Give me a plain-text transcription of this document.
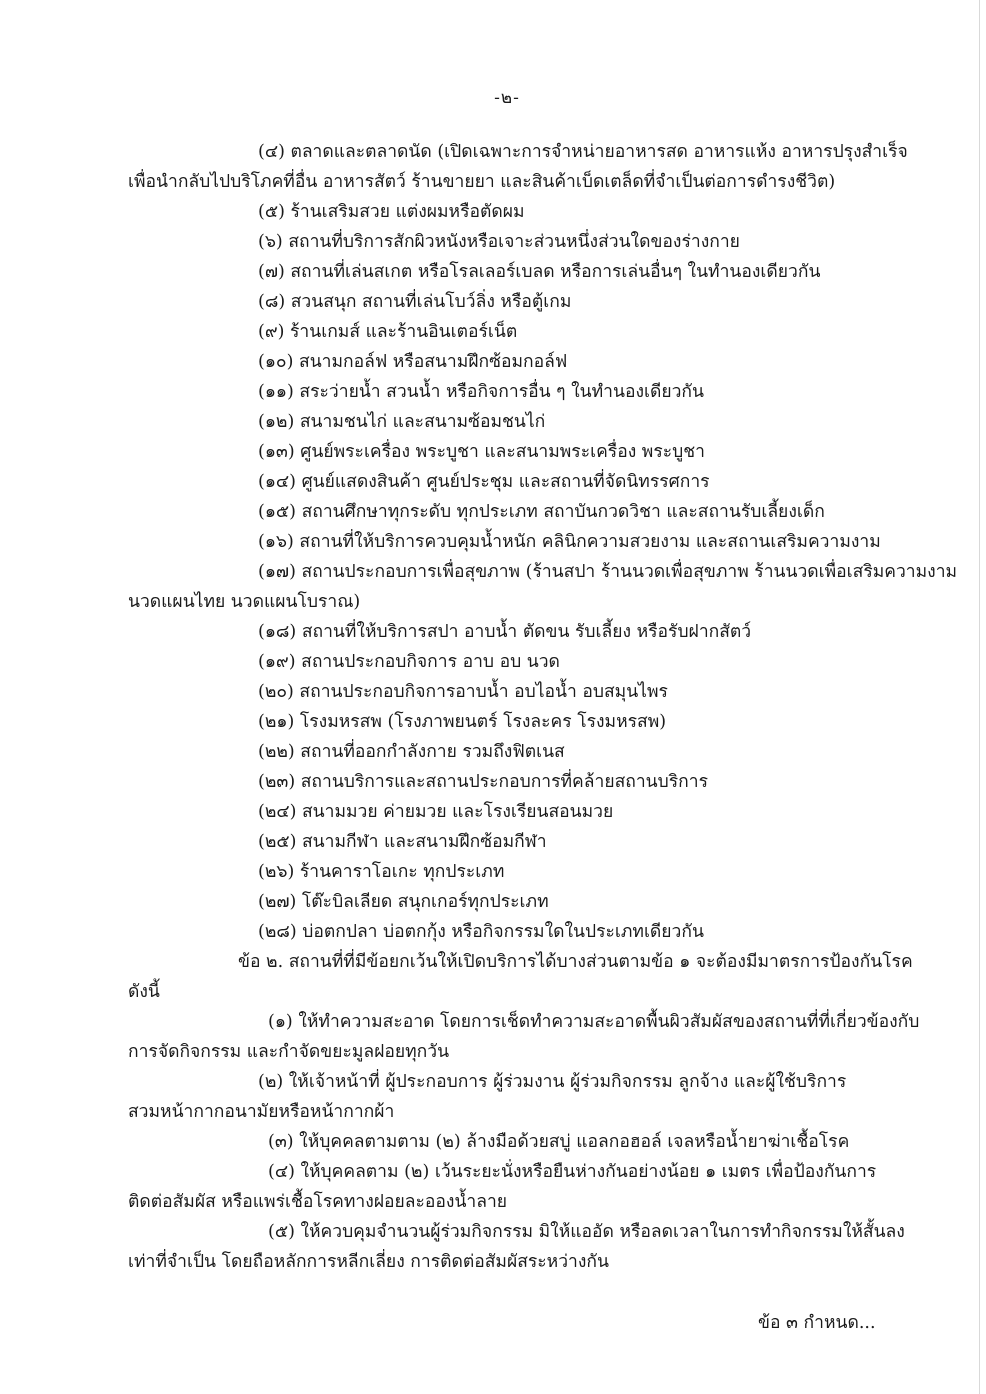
-๒-
(๔) ตลาดและตลาดนัด (เปิดเฉพาะการจำหน่ายอาหารสด อาหารแห้ง อาหารปรุงสำเร็จ
เพื่อนำกลับไปบริโภคที่อื่น อาหารสัตว์ ร้านขายยา และสินค้าเบ็ดเตล็ดที่จำเป็นต่อการดำรงชีวิต)
(๕) ร้านเสริมสวย แต่งผมหรือตัดผม
(๖) สถานที่บริการสักผิวหนังหรือเจาะส่วนหนึ่งส่วนใดของร่างกาย
(๗) สถานที่เล่นสเกต หรือโรลเลอร์เบลด หรือการเล่นอื่นๆ ในทำนองเดียวกัน
(๘) สวนสนุก สถานที่เล่นโบว์ลิ่ง หรือตู้เกม
(๙) ร้านเกมส์ และร้านอินเตอร์เน็ต
(๑๐) สนามกอล์ฟ หรือสนามฝึกซ้อมกอล์ฟ
(๑๑) สระว่ายน้ำ สวนน้ำ หรือกิจการอื่น ๆ ในทำนองเดียวกัน
(๑๒) สนามชนไก่ และสนามซ้อมชนไก่
(๑๓) ศูนย์พระเครื่อง พระบูชา และสนามพระเครื่อง พระบูชา
(๑๔) ศูนย์แสดงสินค้า ศูนย์ประชุม และสถานที่จัดนิทรรศการ
(๑๕) สถานศึกษาทุกระดับ ทุกประเภท สถาบันกวดวิชา และสถานรับเลี้ยงเด็ก
(๑๖) สถานที่ให้บริการควบคุมน้ำหนัก คลินิกความสวยงาม และสถานเสริมความงาม
(๑๗) สถานประกอบการเพื่อสุขภาพ (ร้านสปา ร้านนวดเพื่อสุขภาพ ร้านนวดเพื่อเสริมความงาม
นวดแผนไทย นวดแผนโบราณ)
(๑๘) สถานที่ให้บริการสปา อาบน้ำ ตัดขน รับเลี้ยง หรือรับฝากสัตว์
(๑๙) สถานประกอบกิจการ อาบ อบ นวด
(๒๐) สถานประกอบกิจการอาบน้ำ อบไอน้ำ อบสมุนไพร
(๒๑) โรงมหรสพ (โรงภาพยนตร์ โรงละคร โรงมหรสพ)
(๒๒) สถานที่ออกกำลังกาย รวมถึงฟิตเนส
(๒๓) สถานบริการและสถานประกอบการที่คล้ายสถานบริการ
(๒๔) สนามมวย ค่ายมวย และโรงเรียนสอนมวย
(๒๕) สนามกีฬา และสนามฝึกซ้อมกีฬา
(๒๖) ร้านคาราโอเกะ ทุกประเภท
(๒๗) โต๊ะบิลเลียด สนุกเกอร์ทุกประเภท
(๒๘) บ่อตกปลา บ่อตกกุ้ง หรือกิจกรรมใดในประเภทเดียวกัน
ข้อ ๒. สถานที่ที่มีข้อยกเว้นให้เปิดบริการได้บางส่วนตามข้อ ๑ จะต้องมีมาตรการป้องกันโรค
ดังนี้
(๑) ให้ทำความสะอาด โดยการเช็ดทำความสะอาดพื้นผิวสัมผัสของสถานที่ที่เกี่ยวข้องกับ
การจัดกิจกรรม และกำจัดขยะมูลฝอยทุกวัน
(๒) ให้เจ้าหน้าที่ ผู้ประกอบการ ผู้ร่วมงาน ผู้ร่วมกิจกรรม ลูกจ้าง และผู้ใช้บริการ
สวมหน้ากากอนามัยหรือหน้ากากผ้า
(๓) ให้บุคคลตามตาม (๒) ล้างมือด้วยสบู่ แอลกอฮอล์ เจลหรือน้ำยาฆ่าเชื้อโรค
(๔) ให้บุคคลตาม (๒) เว้นระยะนั่งหรือยืนห่างกันอย่างน้อย ๑ เมตร เพื่อป้องกันการ
ติดต่อสัมผัส หรือแพร่เชื้อโรคทางฝอยละอองน้ำลาย
(๕) ให้ควบคุมจำนวนผู้ร่วมกิจกรรม มิให้แออัด หรือลดเวลาในการทำกิจกรรมให้สั้นลง
เท่าที่จำเป็น โดยถือหลักการหลีกเลี่ยง การติดต่อสัมผัสระหว่างกัน
ข้อ ๓ กำหนด...
